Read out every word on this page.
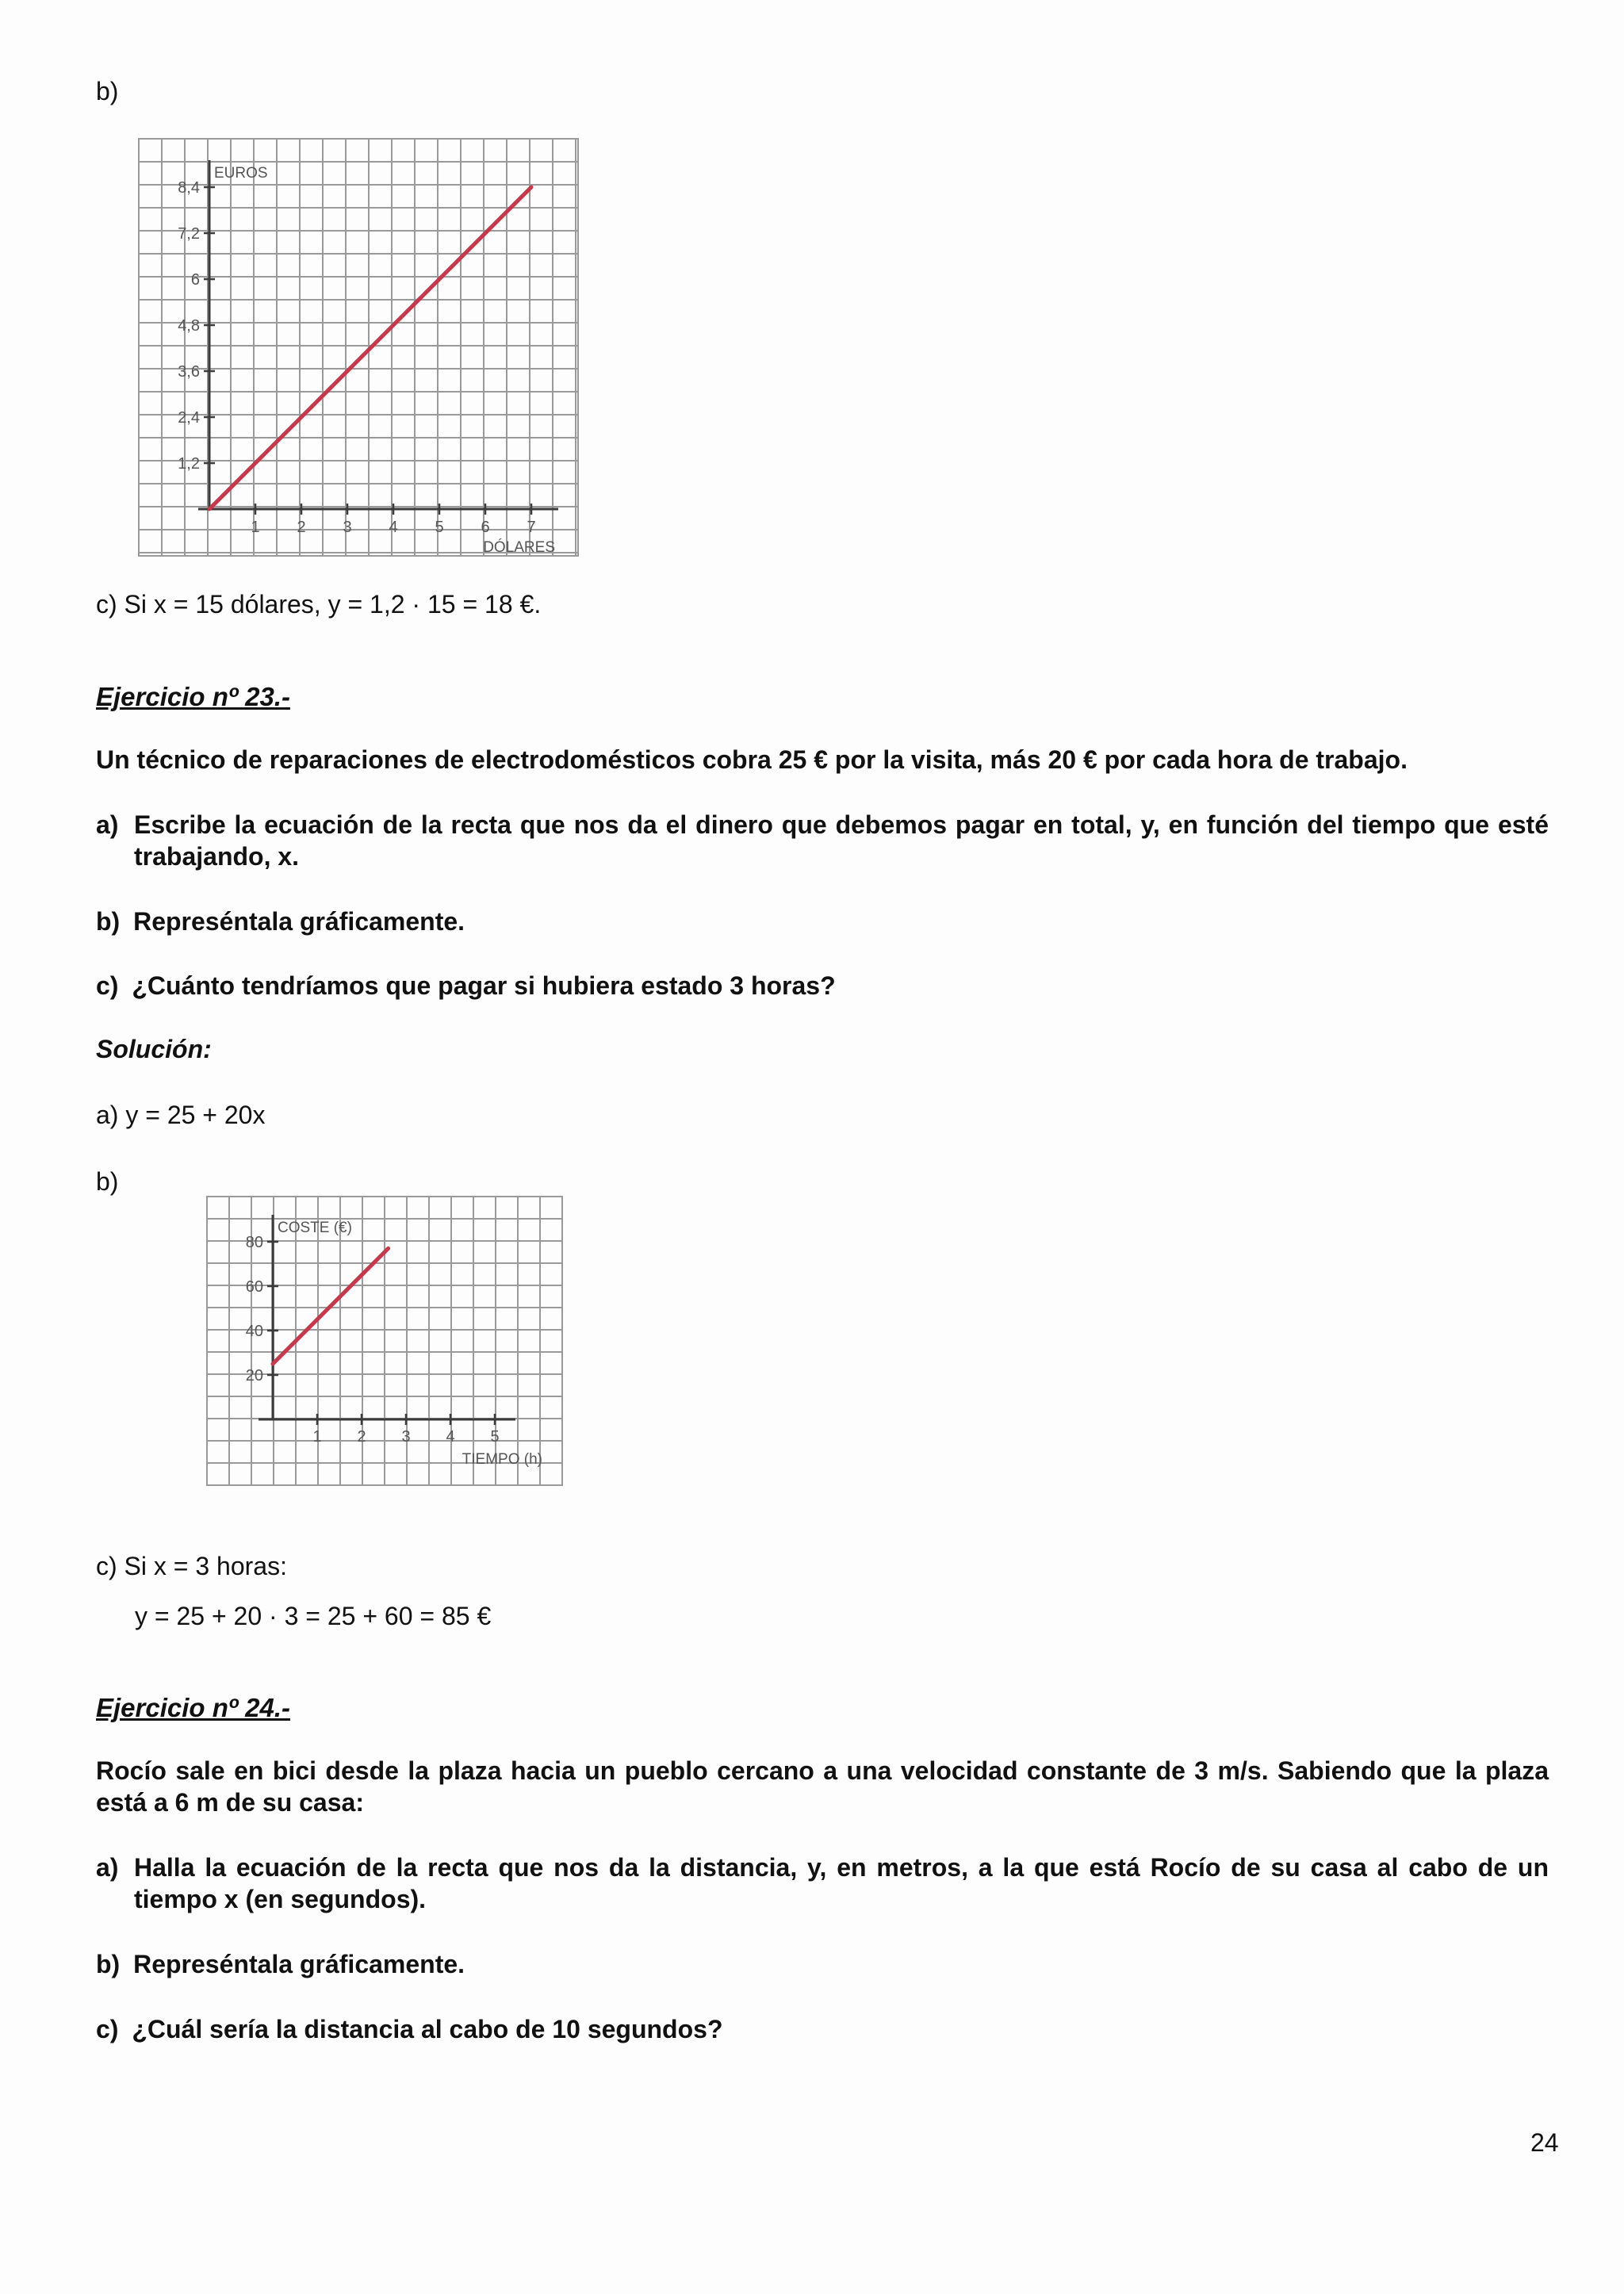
b)
1 2 3 4 5 6 7
1,2
2,4
3,6
4,8
6
7,2
8,4
DÓLARES
EUROS
c) Si x = 15 dólares, y = 1,2 · 15 = 18 €.
Ejercicio nº 23.-
Un técnico de reparaciones de electrodomésticos cobra 25 € por la visita, más 20 € por cada hora de trabajo.
a) Escribe la ecuación de la recta que nos da el dinero que debemos pagar en total, y, en función del tiempo que esté trabajando, x.
b) Represéntala gráficamente.
c) ¿Cuánto tendríamos que pagar si hubiera estado 3 horas?
Solución:
a) y = 25 + 20x
b)
1 2 3 4 5
20
40
60
80
TIEMPO (h)
COSTE (€)
c) Si x = 3 horas:
y = 25 + 20 · 3 = 25 + 60 = 85 €
Ejercicio nº 24.-
Rocío sale en bici desde la plaza hacia un pueblo cercano a una velocidad constante de 3 m/s. Sabiendo que la plaza está a 6 m de su casa:
a) Halla la ecuación de la recta que nos da la distancia, y, en metros, a la que está Rocío de su casa al cabo de un tiempo x (en segundos).
b) Represéntala gráficamente.
c) ¿Cuál sería la distancia al cabo de 10 segundos?
24
